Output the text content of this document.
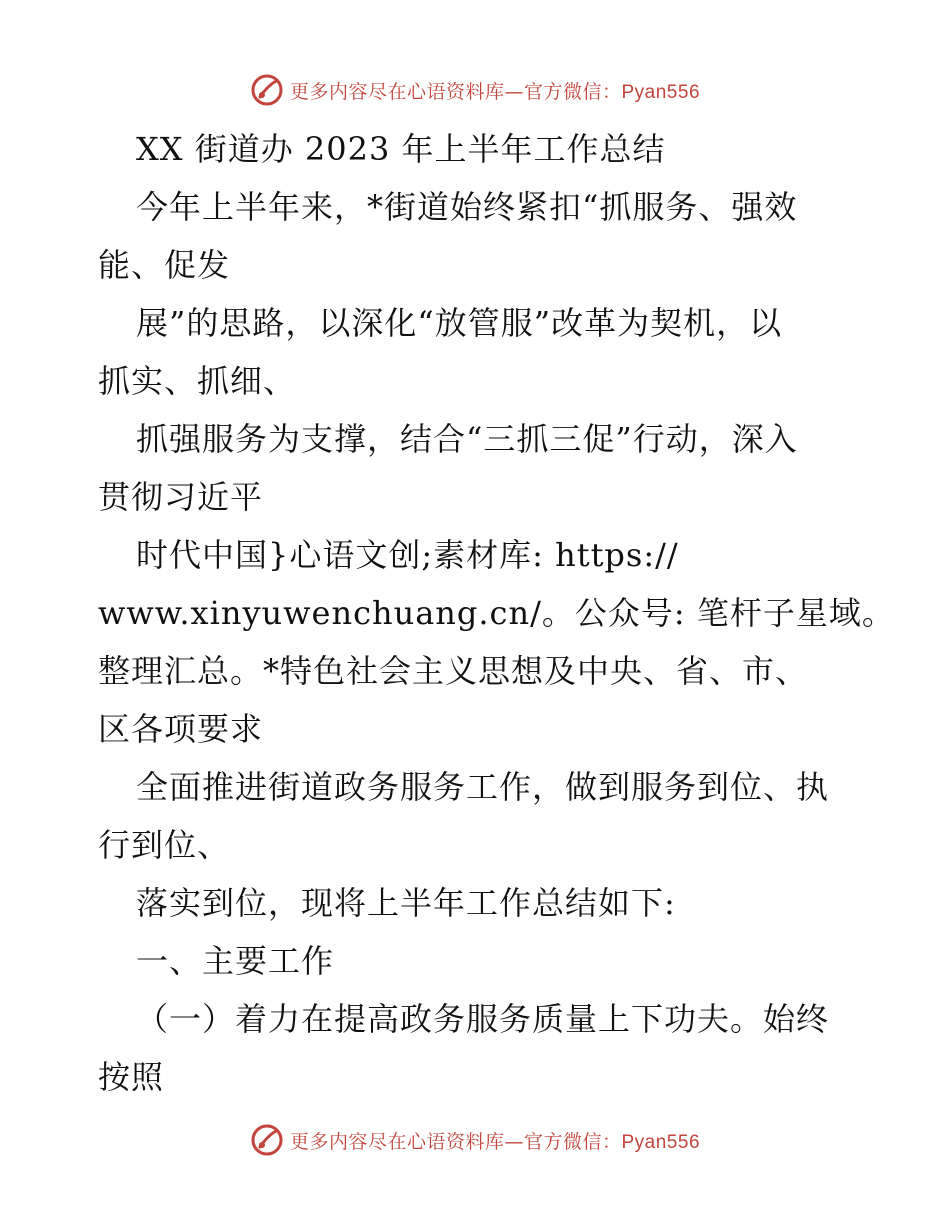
更多内容尽在心语资料库—官方微信：Pyan556
XX 街道办 2023 年上半年工作总结
今年上半年来，*街道始终紧扣“抓服务、强效
能、促发
展”的思路，以深化“放管服”改革为契机，以
抓实、抓细、
抓强服务为支撑，结合“三抓三促”行动，深入
贯彻习近平
时代中国}心语文创;素材库: https://
www.xinyuwenchuang.cn/。公众号: 笔杆子星域。
整理汇总。*特色社会主义思想及中央、省、市、
区各项要求
全面推进街道政务服务工作，做到服务到位、执
行到位、
落实到位，现将上半年工作总结如下:
一、主要工作
（一）着力在提高政务服务质量上下功夫。始终
按照
更多内容尽在心语资料库—官方微信：Pyan556
